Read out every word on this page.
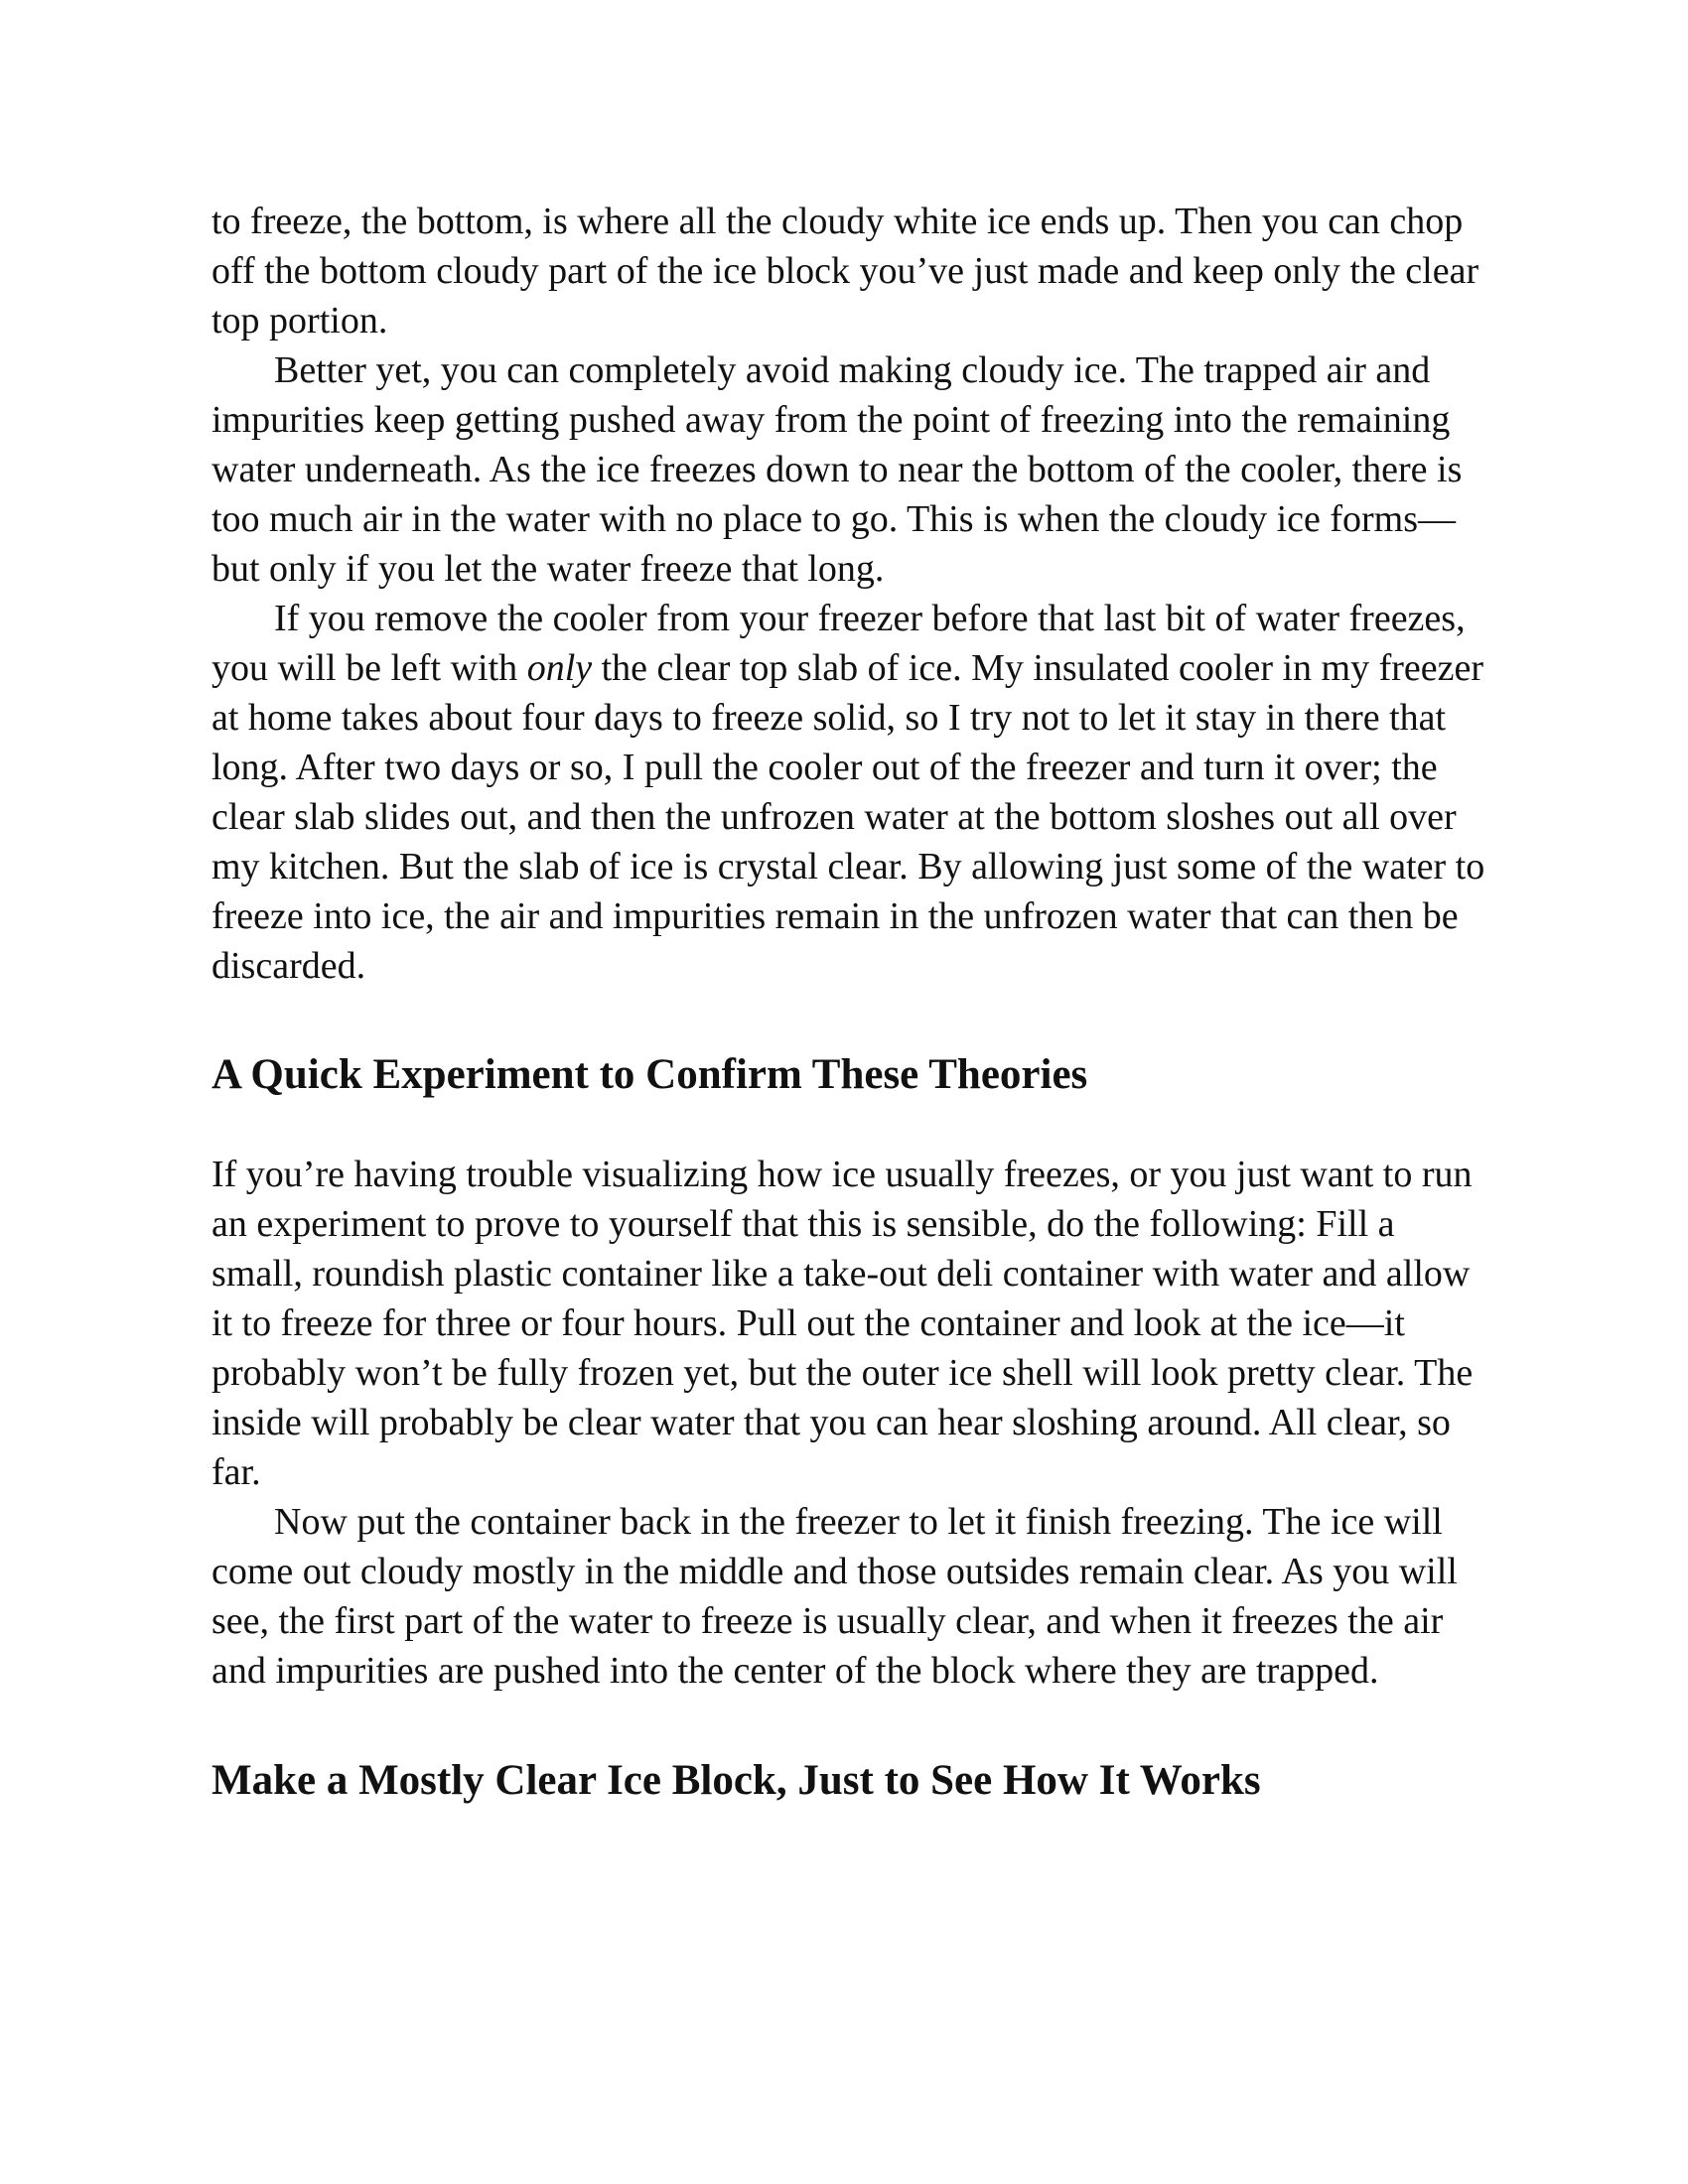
to freeze, the bottom, is where all the cloudy white ice ends up. Then you can chop off the bottom cloudy part of the ice block you’ve just made and keep only the clear top portion.

Better yet, you can completely avoid making cloudy ice. The trapped air and impurities keep getting pushed away from the point of freezing into the remaining water underneath. As the ice freezes down to near the bottom of the cooler, there is too much air in the water with no place to go. This is when the cloudy ice forms—but only if you let the water freeze that long.

If you remove the cooler from your freezer before that last bit of water freezes, you will be left with only the clear top slab of ice. My insulated cooler in my freezer at home takes about four days to freeze solid, so I try not to let it stay in there that long. After two days or so, I pull the cooler out of the freezer and turn it over; the clear slab slides out, and then the unfrozen water at the bottom sloshes out all over my kitchen. But the slab of ice is crystal clear. By allowing just some of the water to freeze into ice, the air and impurities remain in the unfrozen water that can then be discarded.

A Quick Experiment to Confirm These Theories

If you’re having trouble visualizing how ice usually freezes, or you just want to run an experiment to prove to yourself that this is sensible, do the following: Fill a small, roundish plastic container like a take-out deli container with water and allow it to freeze for three or four hours. Pull out the container and look at the ice—it probably won’t be fully frozen yet, but the outer ice shell will look pretty clear. The inside will probably be clear water that you can hear sloshing around. All clear, so far.

Now put the container back in the freezer to let it finish freezing. The ice will come out cloudy mostly in the middle and those outsides remain clear. As you will see, the first part of the water to freeze is usually clear, and when it freezes the air and impurities are pushed into the center of the block where they are trapped.

Make a Mostly Clear Ice Block, Just to See How It Works
